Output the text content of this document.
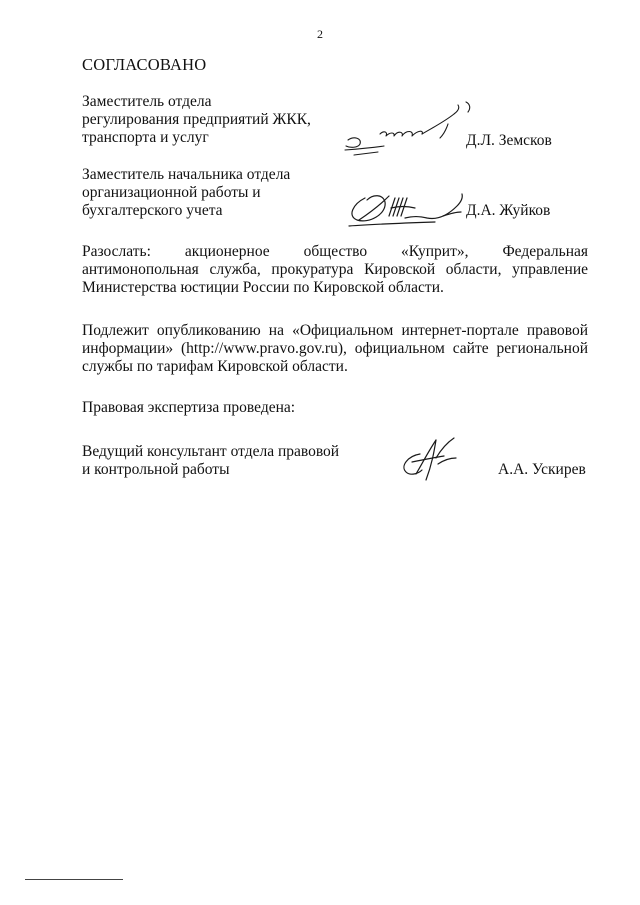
2
СОГЛАСОВАНО
Заместитель отдела
регулирования предприятий ЖКК,
транспорта и услуг	Д.Л. Земсков
Заместитель начальника отдела
организационной работы и
бухгалтерского учета	Д.А. Жуйков
Разослать: акционерное общество «Куприт», Федеральная антимонопольная служба, прокуратура Кировской области, управление Министерства юстиции России по Кировской области.
Подлежит опубликованию на «Официальном интернет-портале правовой информации» (http://www.pravo.gov.ru), официальном сайте региональной службы по тарифам Кировской области.
Правовая экспертиза проведена:
Ведущий консультант отдела правовой
и контрольной работы	А.А. Ускирев
